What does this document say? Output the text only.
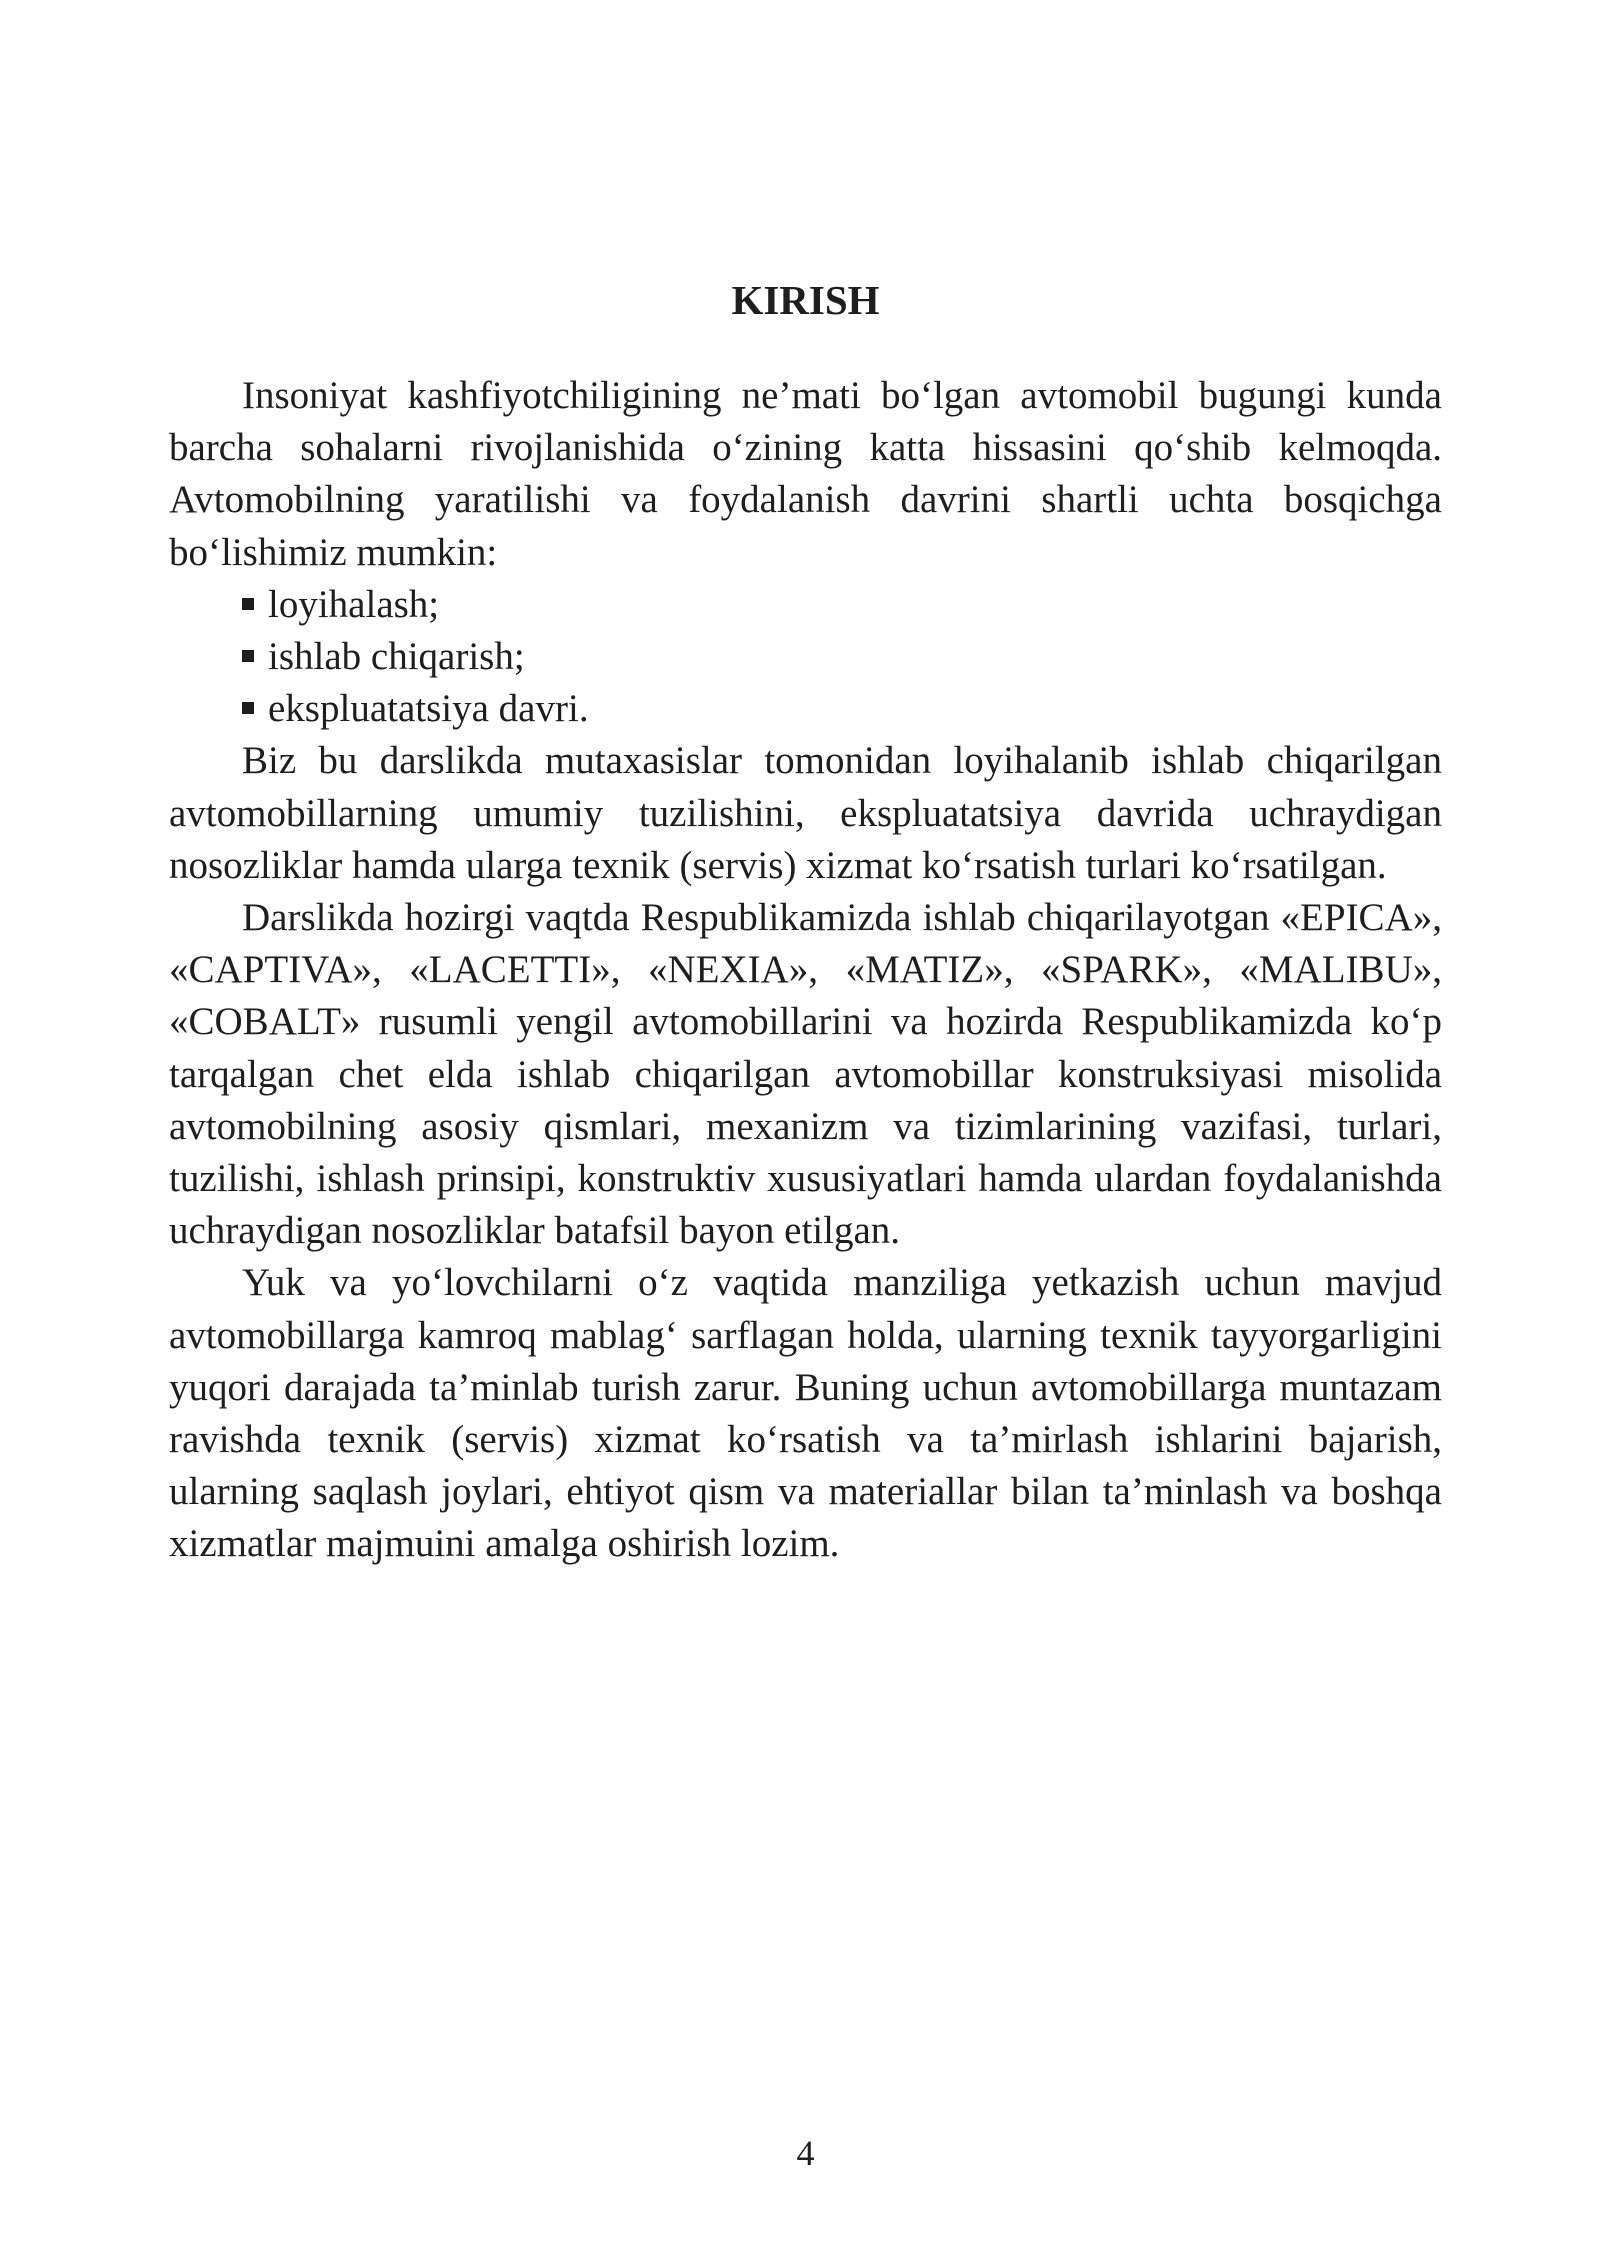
KIRISH

Insoniyat kashfiyotchiligining ne’mati bo‘lgan avtomobil bugungi kunda barcha sohalarni rivojlanishida o‘zining katta hissasini qo‘shib kelmoqda. Avtomobilning yaratilishi va foydalanish davrini shartli uchta bosqichga bo‘lishimiz mumkin:

loyihalash;
ishlab chiqarish;
ekspluatatsiya davri.

Biz bu darslikda mutaxasislar tomonidan loyihalanib ishlab chiqarilgan avtomobillarning umumiy tuzilishini, ekspluatatsiya davrida uchraydigan nosozliklar hamda ularga texnik (servis) xizmat ko‘rsatish turlari ko‘rsatilgan.

Darslikda hozirgi vaqtda Respublikamizda ishlab chiqarilayotgan «EPICA», «CAPTIVA», «LACETTI», «NEXIA», «MATIZ», «SPARK», «MALIBU», «COBALT» rusumli yengil avtomobillarini va hozirda Respublikamizda ko‘p tarqalgan chet elda ishlab chiqarilgan avtomobillar konstruksiyasi misolida avtomobilning asosiy qismlari, mexanizm va tizimlarining vazifasi, turlari, tuzilishi, ishlash prinsipi, konstruktiv xususiyatlari hamda ulardan foydalanishda uchraydigan nosozliklar batafsil bayon etilgan.

Yuk va yo‘lovchilarni o‘z vaqtida manziliga yetkazish uchun mavjud avtomobillarga kamroq mablag‘ sarflagan holda, ularning texnik tayyorgarligini yuqori darajada ta’minlab turish zarur. Buning uchun avtomobillarga muntazam ravishda texnik (servis) xizmat ko‘rsatish va ta’mirlash ishlarini bajarish, ularning saqlash joylari, ehtiyot qism va materiallar bilan ta’minlash va boshqa xizmatlar majmuini amalga oshirish lozim.

4
